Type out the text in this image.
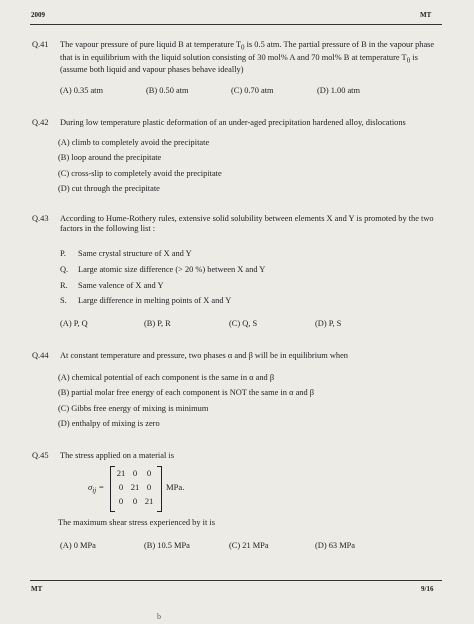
2009	MT
Q.41	The vapour pressure of pure liquid B at temperature $T_0$ is 0.5 atm. The partial pressure of B in the vapour phase that is in equilibrium with the liquid solution consisting of 30 mol% A and 70 mol% B at temperature $T_0$ is (assume both liquid and vapour phases behave ideally)
(A) 0.35 atm	(B) 0.50 atm	(C) 0.70 atm	(D) 1.00 atm
Q.42	During low temperature plastic deformation of an under-aged precipitation hardened alloy, dislocations
(A) climb to completely avoid the precipitate
(B) loop around the precipitate
(C) cross-slip to completely avoid the precipitate
(D) cut through the precipitate
Q.43	According to Hume-Rothery rules, extensive solid solubility between elements X and Y is promoted by the two factors in the following list :
P. Same crystal structure of X and Y
Q. Large atomic size difference (> 20 %) between X and Y
R. Same valence of X and Y
S. Large difference in melting points of X and Y
(A) P, Q	(B) P, R	(C) Q, S	(D) P, S
Q.44	At constant temperature and pressure, two phases α and β will be in equilibrium when
(A) chemical potential of each component is the same in α and β
(B) partial molar free energy of each component is NOT the same in α and β
(C) Gibbs free energy of mixing is minimum
(D) enthalpy of mixing is zero
Q.45	The stress applied on a material is
$\sigma_{ij}$ =
21 0	0
0 21 0
0	0 21
MPa.
The maximum shear stress experienced by it is
(A) 0 MPa	(B) 10.5 MPa	(C) 21 MPa	(D) 63 MPa
MT	9/16
b
